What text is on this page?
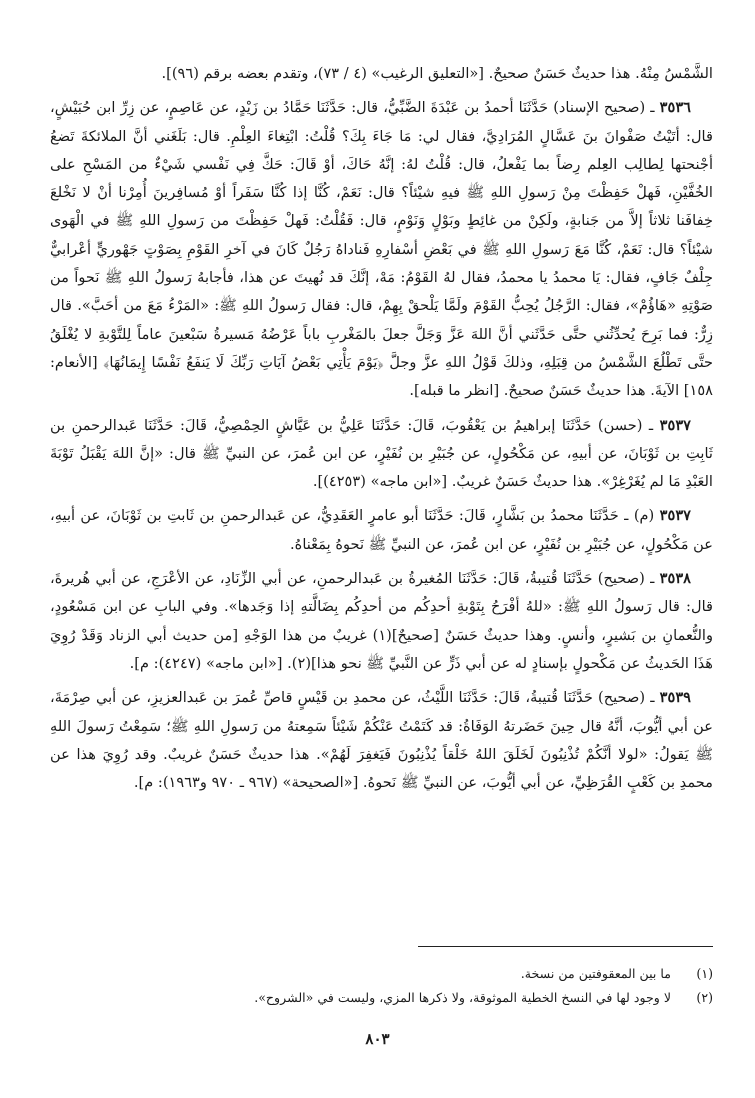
الشَّمْسُ مِنْهُ. هذا حديثٌ حَسَنٌ صحيحٌ. [«التعليق الرغيب» (٤ / ٧٣)، وتقدم بعضه برقم (٩٦)].

٣٥٣٦ ـ (صحيح الإسناد) حَدَّثَنَا أحمدُ بن عَبْدَةَ الضَّبِّيُّ، قال: حَدَّثَنَا حَمَّادُ بن زَيْدٍ، عن عَاصِمٍ، عن زِرِّ ابن حُبَيْشٍ، قال: أتَيْتُ صَفْوانَ بنَ عَسَّالٍ المُرَادِيَّ، فقال لي: مَا جَاءَ بِكَ؟ قُلْتُ: ابْتِغاءَ العِلْمِ. قال: بَلَغَني أنَّ الملائكةَ تَضعُ أجْنحتها لِطالِب العِلم رِضاً بما يَفْعلُ، قال: قُلْتُ لهُ: إنَّهُ حَاكَ، أوْ قَالَ: حَكَّ فِي نَفْسي شَيْءٌ من المَسْحِ على الخُفَّيْنِ، فَهلْ حَفِظْتَ مِنْ رَسولِ اللهِ ﷺ فيهِ شيْئاً؟ قال: نَعَمْ، كُنَّا إذا كُنَّا سَفَراً أوْ مُسافِرينَ أُمِرْنا أنْ لا نَخْلعَ خِفافَنا ثلاثاً إلاَّ من جَنابةٍ، ولَكِنْ من غائِطٍ وبَوْلٍ وَنَوْمٍ، قال: فَقُلْتُ: فَهلْ حَفِظْتَ من رَسولِ اللهِ ﷺ في الْهَوى شيْئاً؟ قال: نَعَمْ، كُنَّا مَعَ رَسولِ اللهِ ﷺ في بَعْضِ أسْفارِهِ فَناداهُ رَجُلٌ كَانَ في آخرِ القَوْمِ بِصَوْتٍ جَهْوريٍّ أعْرابيٌّ جِلْفٌ جَافٍ، فقال: يَا محمدُ يا محمدُ، فقال لهُ القَوْمُ: مَهْ، إنَّكَ قد نُهيتَ عن هذا، فأجابهُ رَسولُ اللهِ ﷺ نَحواً من صَوْتِهِ «هَاؤُمْ»، فقال: الرَّجُلُ يُحِبُّ القَوْمَ ولَمَّا يَلْحقْ بِهِمْ، قال: فقال رَسولُ اللهِ ﷺ: «المَرْءُ مَعَ من أحَبَّ». قال زِرٌّ: فما بَرِحَ يُحدِّثُني حتَّى حَدَّثَني أنَّ اللهَ عَزَّ وَجَلَّ جعلَ بالمَغْربِ باباً عَرْضُهُ مَسيرةُ سَبْعينَ عاماً لِلتَّوْبةِ لا يُغْلَقُ حتَّى تَطْلُعَ الشَّمْسُ من قِبَلِهِ، وذلكَ قَوْلُ اللهِ عزَّ وجلَّ ﴿يَوْمَ يَأْتِي بَعْضُ آيَاتِ رَبِّكَ لَا يَنفَعُ نَفْسًا إِيمَانُهَا﴾ [الأنعام: ١٥٨] الآيةَ. هذا حديثٌ حَسَنٌ صحيحٌ. [انظر ما قبله].

٣٥٣٧ ـ (حسن) حَدَّثَنَا إبراهيمُ بن يَعْقُوبَ، قَالَ: حَدَّثَنَا عَلِيُّ بن عَيَّاشٍ الحِمْصِيُّ، قَالَ: حَدَّثَنَا عَبدالرحمنِ بن ثَابِتِ بن ثَوْبَانَ، عن أبيهِ، عن مَكْحُولٍ، عن جُبَيْرِ بن نُفَيْرٍ، عن ابن عُمرَ، عن النبيِّ ﷺ قال: «إنَّ اللهَ يَقْبَلُ تَوْبَةَ العَبْدِ مَا لم يُغَرْغِرْ». هذا حديثٌ حَسَنٌ غريبٌ. [«ابن ماجه» (٤٢٥٣)].

٣٥٣٧ (م) ـ حَدَّثَنَا محمدُ بن بَشَّارٍ، قَالَ: حَدَّثَنَا أبو عامرٍ العَقَدِيُّ، عن عَبدالرحمنِ بن ثَابتِ بن ثَوْبَانَ، عن أبيهِ، عن مَكْحُولٍ، عن جُبَيْرِ بن نُفَيْرٍ، عن ابن عُمرَ، عن النبيِّ ﷺ نَحوهُ بِمَعْناهُ.

٣٥٣٨ ـ (صحيح) حَدَّثَنَا قُتيبةُ، قَالَ: حَدَّثَنَا المُغيرةُ بن عَبدالرحمنِ، عن أبي الزِّنَادِ، عن الأعْرَجِ، عن أبي هُريرةَ، قال: قال رَسولُ اللهِ ﷺ: «للهُ أفْرَحُ بِتَوْبةِ أحدِكُم من أحدِكُم بِضَالَّتهِ إذا وَجَدها». وفي البابِ عن ابن مَسْعُودٍ، والنُّعمانِ بن بَشيرٍ، وأنسٍ. وهذا حديثٌ حَسَنٌ [صحيحٌ](١) غريبٌ من هذا الوَجْهِ [من حديث أبي الزناد وَقَدْ رُوِيَ هَذَا الحَديثُ عن مَكْحولٍ بإسنادٍ له عن أبي ذَرٍّ عن النَّبيِّ ﷺ نحو هذا](٢). [«ابن ماجه» (٤٢٤٧): م].

٣٥٣٩ ـ (صحيح) حَدَّثَنَا قُتيبةُ، قَالَ: حَدَّثَنَا اللَّيْثُ، عن محمدِ بن قَيْسٍ قاصِّ عُمرَ بن عَبدالعزيزِ، عن أبي صِرْمَةَ، عن أبي أيُّوبَ، أنَّهُ قال حِينَ حَضَرتهُ الوَفَاةُ: قد كَتَمْتُ عَنْكُمْ شَيْئاً سَمِعتهُ من رَسولِ اللهِ ﷺ؛ سَمِعْتُ رَسولَ اللهِ ﷺ يَقولُ: «لولا أنَّكُمْ تُذْنِبُونَ لَخَلَقَ اللهُ خَلْقاً يُذْنِبُونَ فَيَغفِرَ لَهُمْ». هذا حديثٌ حَسَنٌ غريبٌ. وقد رُوِيَ هذا عن محمدِ بن كَعْبٍ القُرَظِيِّ، عن أبي أيُّوبَ، عن النبيِّ ﷺ نَحوهُ. [«الصحيحة» (٩٦٧ ـ ٩٧٠ و١٩٦٣): م].

(١)
ما بين المعقوفتين من نسخة.

(٢)
لا وجود لها في النسخ الخطية الموثوقة، ولا ذكرها المزي، وليست في «الشروح».

٨٠٣
